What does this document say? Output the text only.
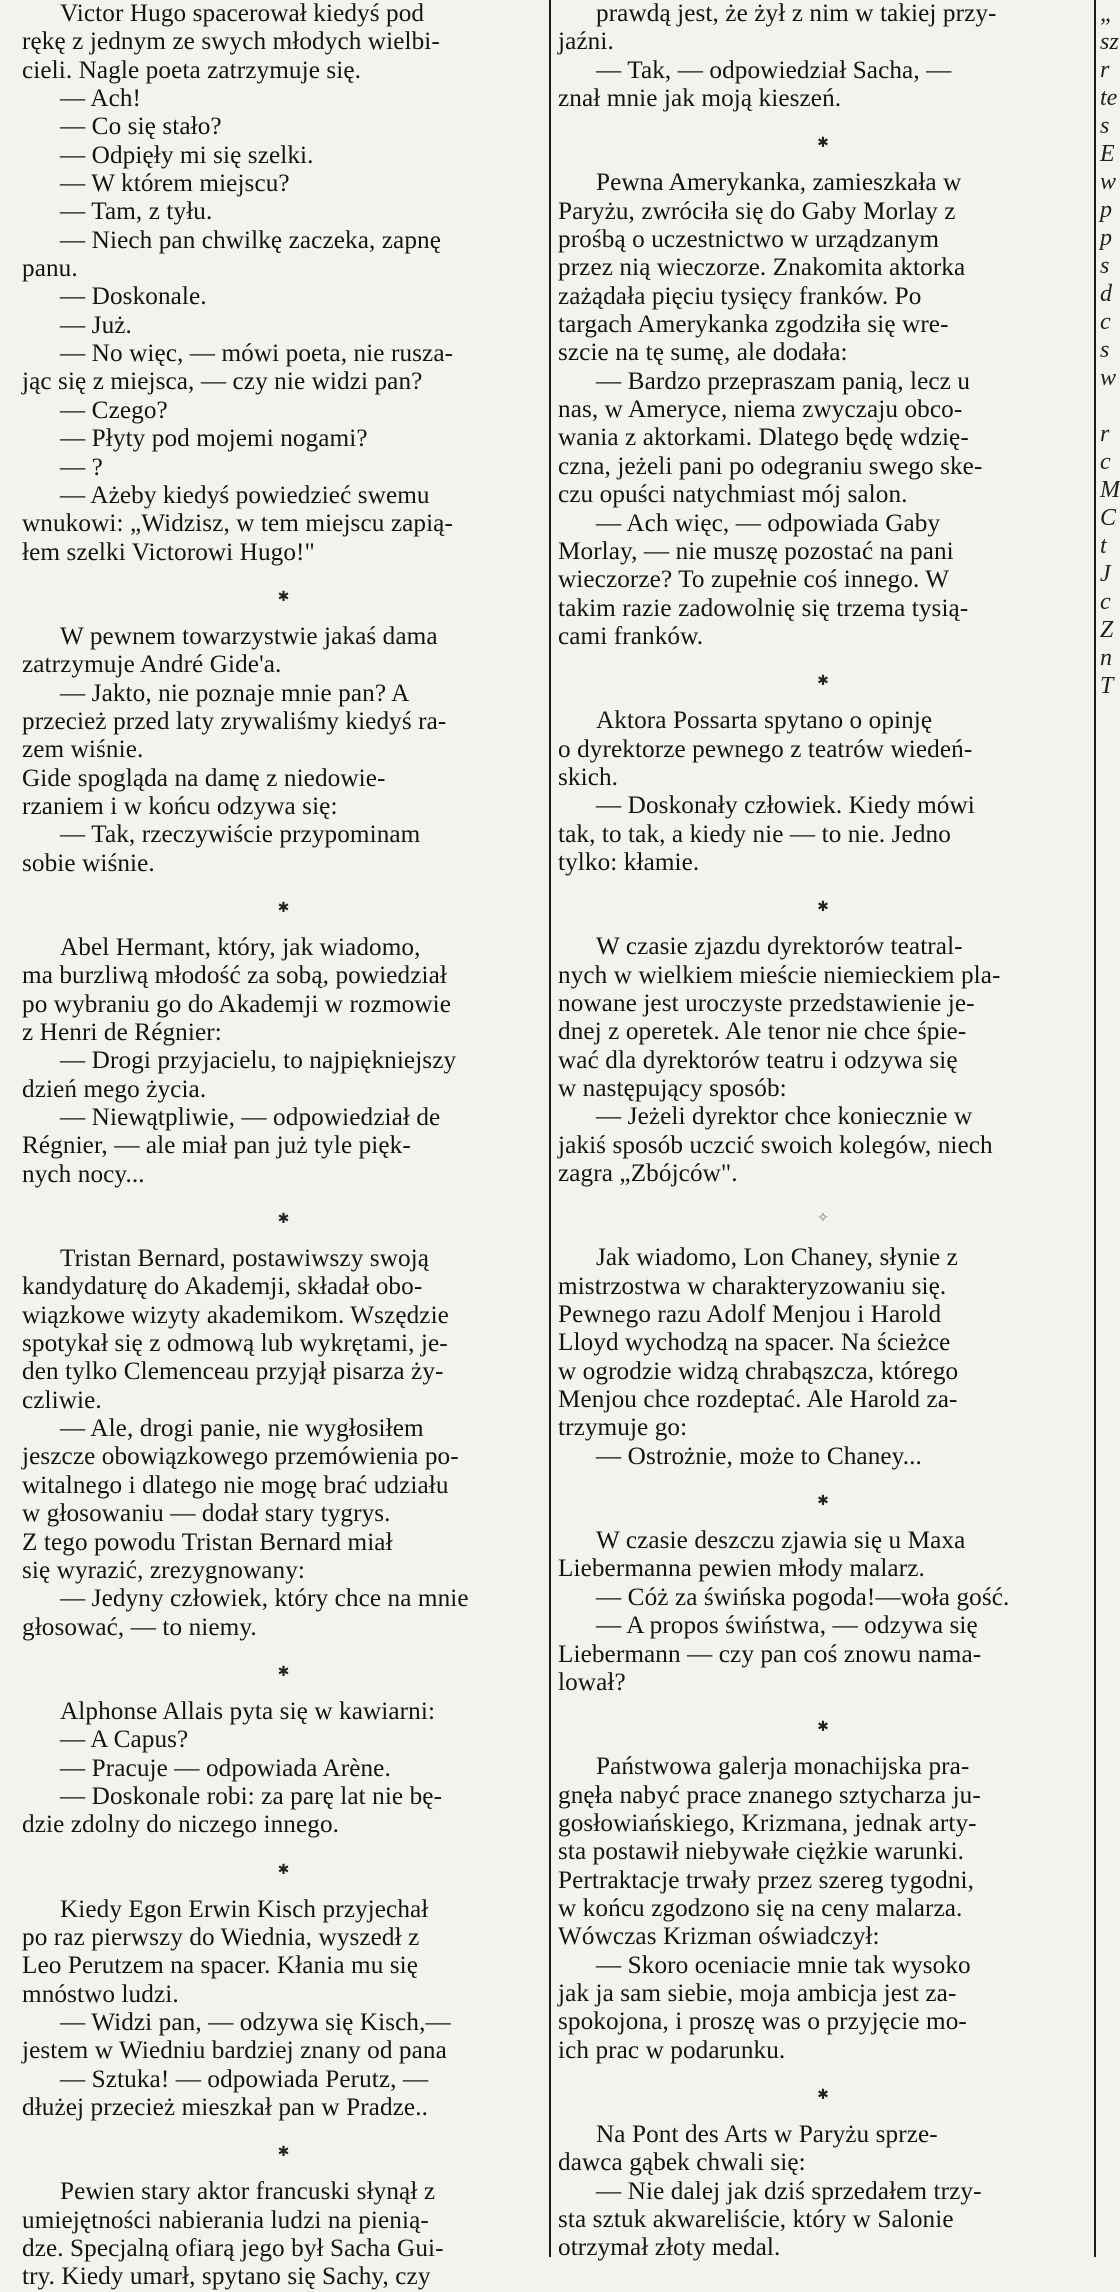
Victor Hugo spacerował kiedyś pod
rękę z jednym ze swych młodych wielbi-
cieli. Nagle poeta zatrzymuje się.
— Ach!
— Co się stało?
— Odpięły mi się szelki.
— W którem miejscu?
— Tam, z tyłu.
— Niech pan chwilkę zaczeka, zapnę
panu.
— Doskonale.
— Już.
— No więc, — mówi poeta, nie rusza-
jąc się z miejsca, — czy nie widzi pan?
— Czego?
— Płyty pod mojemi nogami?
— ?
— Ażeby kiedyś powiedzieć swemu
wnukowi: „Widzisz, w tem miejscu zapią-
łem szelki Victorowi Hugo!"

✱

W pewnem towarzystwie jakaś dama
zatrzymuje André Gide'a.
— Jakto, nie poznaje mnie pan? A
przecież przed laty zrywaliśmy kiedyś ra-
zem wiśnie.
Gide spogląda na damę z niedowie-
rzaniem i w końcu odzywa się:
— Tak, rzeczywiście przypominam
sobie wiśnie.

✱

Abel Hermant, który, jak wiadomo,
ma burzliwą młodość za sobą, powiedział
po wybraniu go do Akademji w rozmowie
z Henri de Régnier:
— Drogi przyjacielu, to najpiękniejszy
dzień mego życia.
— Niewątpliwie, — odpowiedział de
Régnier, — ale miał pan już tyle pięk-
nych nocy...

✱

Tristan Bernard, postawiwszy swoją
kandydaturę do Akademji, składał obo-
wiązkowe wizyty akademikom. Wszędzie
spotykał się z odmową lub wykrętami, je-
den tylko Clemenceau przyjął pisarza ży-
czliwie.
— Ale, drogi panie, nie wygłosiłem
jeszcze obowiązkowego przemówienia po-
witalnego i dlatego nie mogę brać udziału
w głosowaniu — dodał stary tygrys.
Z tego powodu Tristan Bernard miał
się wyrazić, zrezygnowany:
— Jedyny człowiek, który chce na mnie
głosować, — to niemy.

✱

Alphonse Allais pyta się w kawiarni:
— A Capus?
— Pracuje — odpowiada Arène.
— Doskonale robi: za parę lat nie bę-
dzie zdolny do niczego innego.

✱

Kiedy Egon Erwin Kisch przyjechał
po raz pierwszy do Wiednia, wyszedł z
Leo Perutzem na spacer. Kłania mu się
mnóstwo ludzi.
— Widzi pan, — odzywa się Kisch,—
jestem w Wiedniu bardziej znany od pana
— Sztuka! — odpowiada Perutz, —
dłużej przecież mieszkał pan w Pradze..

✱

Pewien stary aktor francuski słynął z
umiejętności nabierania ludzi na pienią-
dze. Specjalną ofiarą jego był Sacha Gui-
try. Kiedy umarł, spytano się Sachy, czy

prawdą jest, że żył z nim w takiej przy-
jaźni.
— Tak, — odpowiedział Sacha, —
znał mnie jak moją kieszeń.

✱

Pewna Amerykanka, zamieszkała w
Paryżu, zwróciła się do Gaby Morlay z
prośbą o uczestnictwo w urządzanym
przez nią wieczorze. Znakomita aktorka
zażądała pięciu tysięcy franków. Po
targach Amerykanka zgodziła się wre-
szcie na tę sumę, ale dodała:
— Bardzo przepraszam panią, lecz u
nas, w Ameryce, niema zwyczaju obco-
wania z aktorkami. Dlatego będę wdzię-
czna, jeżeli pani po odegraniu swego ske-
czu opuści natychmiast mój salon.
— Ach więc, — odpowiada Gaby
Morlay, — nie muszę pozostać na pani
wieczorze? To zupełnie coś innego. W
takim razie zadowolnię się trzema tysią-
cami franków.

✱

Aktora Possarta spytano o opinję
o dyrektorze pewnego z teatrów wiedeń-
skich.
— Doskonały człowiek. Kiedy mówi
tak, to tak, a kiedy nie — to nie. Jedno
tylko: kłamie.

✱

W czasie zjazdu dyrektorów teatral-
nych w wielkiem mieście niemieckiem pla-
nowane jest uroczyste przedstawienie je-
dnej z operetek. Ale tenor nie chce śpie-
wać dla dyrektorów teatru i odzywa się
w następujący sposób:
— Jeżeli dyrektor chce koniecznie w
jakiś sposób uczcić swoich kolegów, niech
zagra „Zbójców".

✧

Jak wiadomo, Lon Chaney, słynie z
mistrzostwa w charakteryzowaniu się.
Pewnego razu Adolf Menjou i Harold
Lloyd wychodzą na spacer. Na ścieżce
w ogrodzie widzą chrabąszcza, którego
Menjou chce rozdeptać. Ale Harold za-
trzymuje go:
— Ostrożnie, może to Chaney...

✱

W czasie deszczu zjawia się u Maxa
Liebermanna pewien młody malarz.
— Cóż za świńska pogoda!—woła gość.
— A propos świństwa, — odzywa się
Liebermann — czy pan coś znowu nama-
lował?

✱

Państwowa galerja monachijska pra-
gnęła nabyć prace znanego sztycharza ju-
gosłowiańskiego, Krizmana, jednak arty-
sta postawił niebywałe ciężkie warunki.
Pertraktacje trwały przez szereg tygodni,
w końcu zgodzono się na ceny malarza.
Wówczas Krizman oświadczył:
— Skoro oceniacie mnie tak wysoko
jak ja sam siebie, moja ambicja jest za-
spokojona, i proszę was o przyjęcie mo-
ich prac w podarunku.

✱

Na Pont des Arts w Paryżu sprze-
dawca gąbek chwali się:
— Nie dalej jak dziś sprzedałem trzy-
sta sztuk akwareliście, który w Salonie
otrzymał złoty medal.

„
sz
r
te
s
E
w
p
p
s
d
c
s
w

r
c
M
C
t
J
c
Z
n
T
